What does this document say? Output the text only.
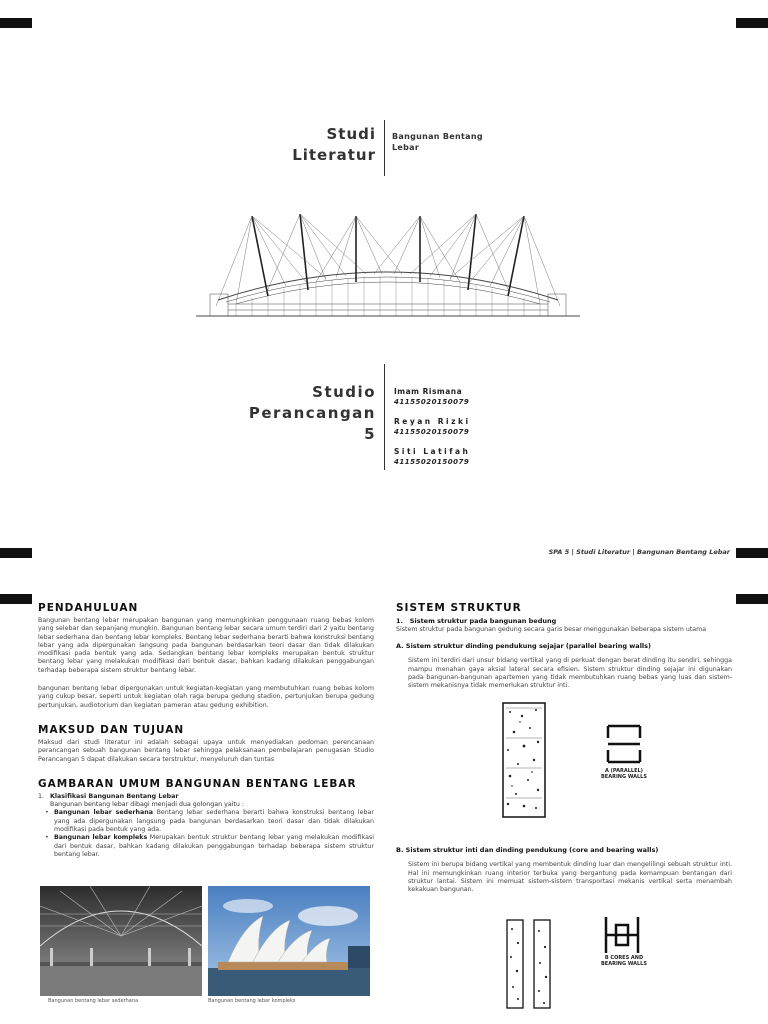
Studi
Literatur
Bangunan Bentang
Lebar
Studio
Perancangan
5
Imam Rismana
41155020150079
Reyan Rizki
41155020150079
Siti Latifah
41155020150079
SPA 5 | Studi Literatur | Bangunan Bentang Lebar
PENDAHULUAN

Bangunan bentang lebar merupakan bangunan yang memungkinkan penggunaan ruang bebas kolom yang selebar dan sepanjang mungkin. Bangunan bentang lebar secara umum terdiri dari 2 yaitu bentang lebar sederhana dan bentang lebar kompleks. Bentang lebar sederhana berarti bahwa konstruksi bentang lebar yang ada dipergunakan langsung pada bangunan berdasarkan teori dasar dan tidak dilakukan modifikasi pada bentuk yang ada. Sedangkan bentang lebar kompleks merupakan bentuk struktur bentang lebar yang melakukan modifikasi dari bentuk dasar, bahkan kadang dilakukan penggabungan terhadap beberapa sistem struktur bentang lebar.

bangunan bentang lebar dipergunakan untuk kegiatan-kegiatan yang membutuhkan ruang bebas kolom yang cukup besar, seperti untuk kegiatan olah raga berupa gedung stadion, pertunjukan berupa gedung pertunjukan, audiotorium dan kegiatan pameran atau gedung exhibition.

MAKSUD DAN TUJUAN

Maksud dari studi literatur ini adalah sebagai upaya untuk menyediakan pedoman perencanaan perancangan sebuah bangunan bentang lebar sehingga pelaksanaan pembelajaran penugasan Studio Perancangan 5 dapat dilakukan secara terstruktur, menyeluruh dan tuntas

GAMBARAN UMUM BANGUNAN BENTANG LEBAR
1. Klasifikasi Bangunan Bentang Lebar
Bangunan bentang lebar dibagi menjadi dua golongan yaitu :
• Bangunan lebar sederhana Bentang lebar sederhana berarti bahwa konstruksi bentang lebar yang ada dipergunakan langsung pada bangunan berdasarkan teori dasar dan tidak dilakukan modifikasi pada bentuk yang ada.
• Bangunan lebar kompleks Merupakan bentuk struktur bentang lebar yang melakukan modifikasi dari bentuk dasar, bahkan kadang dilakukan penggabungan terhadap beberapa sistem struktur bentang lebar.
Bangunan bentang lebar sederhana	Bangunan bentang lebar kompleks
SISTEM STRUKTUR
1. Sistem struktur pada bangunan bedung
Sistem struktur pada bangunan gedung secara garis besar menggunakan beberapa sistem utama
A. Sistem struktur dinding pendukung sejajar (parallel bearing walls)
Sistem ini terdiri dari unsur bidang vertikal yang di perkuat dengan berat dinding itu sendiri, sehingga mampu menahan gaya aksial lateral secara efisien. Sistem struktur dinding sejajar ini digunakan pada bangunan-bangunan apartemen yang tidak membutuhkan ruang bebas yang luas dan sistem-sistem mekanisnya tidak memerlukan struktur inti.
A (PARALLEL)
BEARING WALLS
B. Sistem struktur inti dan dinding pendukung (core and bearing walls)
Sistem ini berupa bidang vertikal yang membentuk dinding luar dan mengelilingi sebuah struktur inti. Hal ini memungkinkan ruang interior terbuka yang bergantung pada kemampuan bentangan dari struktur lantai. Sistem ini memuat sistem-sistem transportasi mekanis vertikal serta menambah kekakuan bangunan.
B CORES AND
BEARING WALLS
